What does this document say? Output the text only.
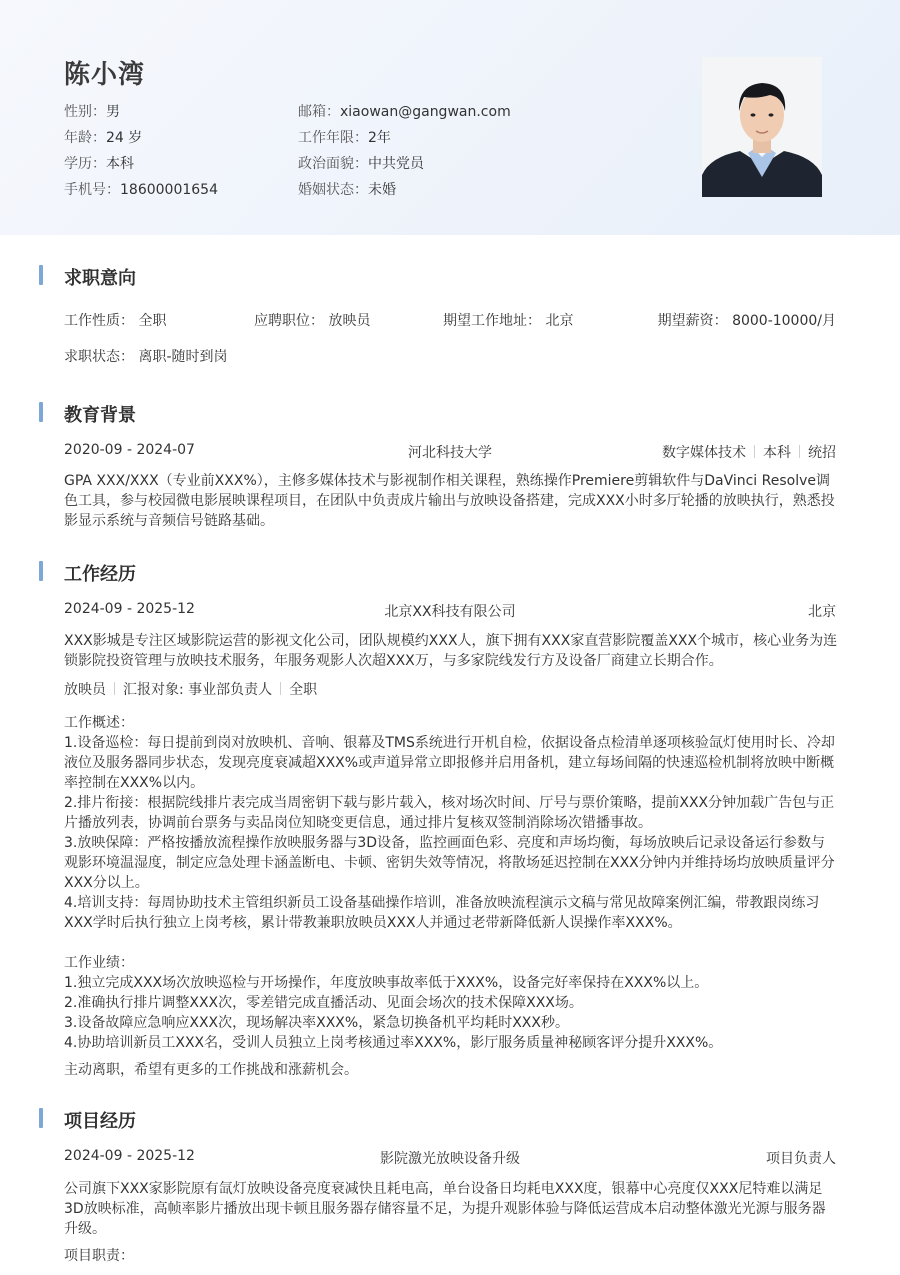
陈小湾
性别：男	邮箱：xiaowan@gangwan.com
年龄：24 岁	工作年限：2年
学历：本科	政治面貌：中共党员
手机号：18600001654	婚姻状态：未婚
求职意向
工作性质： 全职	应聘职位： 放映员	期望工作地址： 北京	期望薪资： 8000-10000/月
求职状态： 离职-随时到岗
教育背景
2020-09 - 2024-07	河北科技大学	数字媒体技术 本科 统招
GPA XXX/XXX（专业前XXX%），主修多媒体技术与影视制作相关课程，熟练操作Premiere剪辑软件与DaVinci Resolve调色工具，参与校园微电影展映课程项目，在团队中负责成片输出与放映设备搭建，完成XXX小时多厅轮播的放映执行，熟悉投影显示系统与音频信号链路基础。
工作经历
2024-09 - 2025-12	北京XX科技有限公司	北京
XXX影城是专注区域影院运营的影视文化公司，团队规模约XXX人，旗下拥有XXX家直营影院覆盖XXX个城市，核心业务为连锁影院投资管理与放映技术服务，年服务观影人次超XXX万，与多家院线发行方及设备厂商建立长期合作。
放映员 汇报对象: 事业部负责人 全职
工作概述：
1.设备巡检：每日提前到岗对放映机、音响、银幕及TMS系统进行开机自检，依据设备点检清单逐项核验氙灯使用时长、冷却液位及服务器同步状态，发现亮度衰减超XXX%或声道异常立即报修并启用备机，建立每场间隔的快速巡检机制将放映中断概率控制在XXX%以内。
2.排片衔接：根据院线排片表完成当周密钥下载与影片载入，核对场次时间、厅号与票价策略，提前XXX分钟加载广告包与正片播放列表，协调前台票务与卖品岗位知晓变更信息，通过排片复核双签制消除场次错播事故。
3.放映保障：严格按播放流程操作放映服务器与3D设备，监控画面色彩、亮度和声场均衡，每场放映后记录设备运行参数与观影环境温湿度，制定应急处理卡涵盖断电、卡顿、密钥失效等情况，将散场延迟控制在XXX分钟内并维持场均放映质量评分XXX分以上。
4.培训支持：每周协助技术主管组织新员工设备基础操作培训，准备放映流程演示文稿与常见故障案例汇编，带教跟岗练习XXX学时后执行独立上岗考核，累计带教兼职放映员XXX人并通过老带新降低新人误操作率XXX%。
工作业绩：
1.独立完成XXX场次放映巡检与开场操作，年度放映事故率低于XXX%，设备完好率保持在XXX%以上。
2.准确执行排片调整XXX次，零差错完成直播活动、见面会场次的技术保障XXX场。
3.设备故障应急响应XXX次，现场解决率XXX%，紧急切换备机平均耗时XXX秒。
4.协助培训新员工XXX名，受训人员独立上岗考核通过率XXX%，影厅服务质量神秘顾客评分提升XXX%。
主动离职，希望有更多的工作挑战和涨薪机会。
项目经历
2024-09 - 2025-12	影院激光放映设备升级	项目负责人
公司旗下XXX家影院原有氙灯放映设备亮度衰减快且耗电高，单台设备日均耗电XXX度，银幕中心亮度仅XXX尼特难以满足3D放映标准，高帧率影片播放出现卡顿且服务器存储容量不足，为提升观影体验与降低运营成本启动整体激光光源与服务器升级。
项目职责：
